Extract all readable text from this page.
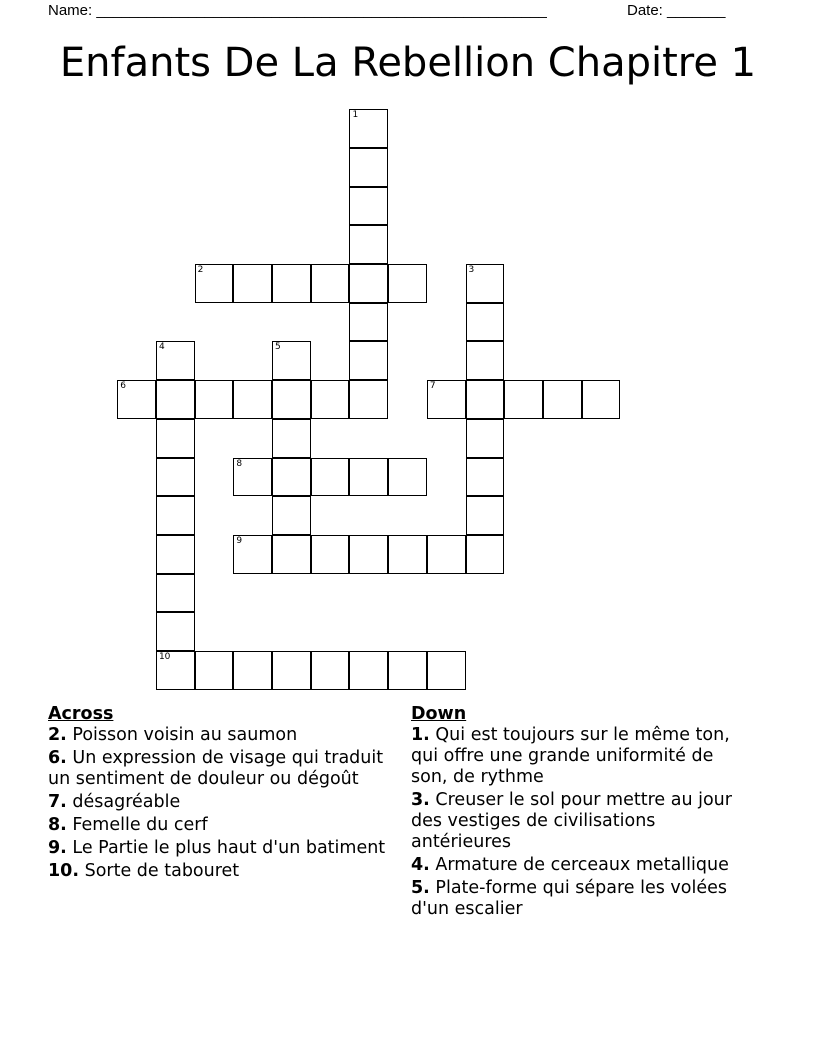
Name: ______________________________________________________	Date: _______
Enfants De La Rebellion Chapitre 1
1
2	3
4
10
5
6	7
8
9
Across
2. Poisson voisin au saumon
6. Un expression de visage qui traduit un sentiment de douleur ou dégoût
7. désagréable
8. Femelle du cerf
9. Le Partie le plus haut d'un batiment
10. Sorte de tabouret
Down
1. Qui est toujours sur le même ton, qui offre une grande uniformité de son, de rythme
3. Creuser le sol pour mettre au jour des vestiges de civilisations antérieures
4. Armature de cerceaux metallique
5. Plate-forme qui sépare les volées d'un escalier
